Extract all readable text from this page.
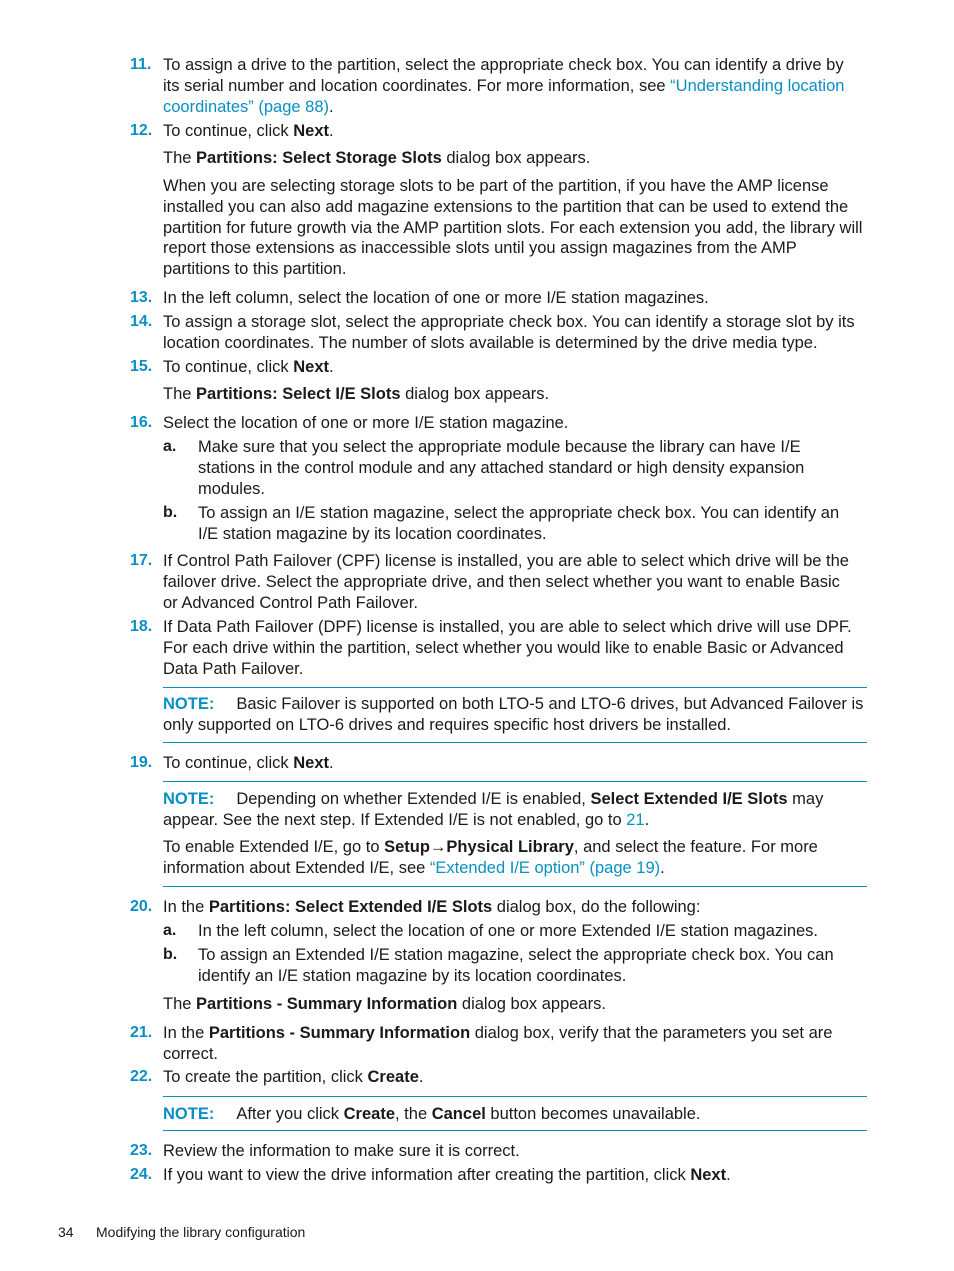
11. To assign a drive to the partition, select the appropriate check box. You can identify a drive by its serial number and location coordinates. For more information, see “Understanding location coordinates” (page 88).
12. To continue, click Next.
The Partitions: Select Storage Slots dialog box appears.
When you are selecting storage slots to be part of the partition, if you have the AMP license installed you can also add magazine extensions to the partition that can be used to extend the partition for future growth via the AMP partition slots. For each extension you add, the library will report those extensions as inaccessible slots until you assign magazines from the AMP partitions to this partition.
13. In the left column, select the location of one or more I/E station magazines.
14. To assign a storage slot, select the appropriate check box. You can identify a storage slot by its location coordinates. The number of slots available is determined by the drive media type.
15. To continue, click Next.
The Partitions: Select I/E Slots dialog box appears.
16. Select the location of one or more I/E station magazine.
a. Make sure that you select the appropriate module because the library can have I/E stations in the control module and any attached standard or high density expansion modules.
b. To assign an I/E station magazine, select the appropriate check box. You can identify an I/E station magazine by its location coordinates.
17. If Control Path Failover (CPF) license is installed, you are able to select which drive will be the failover drive. Select the appropriate drive, and then select whether you want to enable Basic or Advanced Control Path Failover.
18. If Data Path Failover (DPF) license is installed, you are able to select which drive will use DPF. For each drive within the partition, select whether you would like to enable Basic or Advanced Data Path Failover.
NOTE: Basic Failover is supported on both LTO-5 and LTO-6 drives, but Advanced Failover is only supported on LTO-6 drives and requires specific host drivers be installed.
19. To continue, click Next.
NOTE: Depending on whether Extended I/E is enabled, Select Extended I/E Slots may appear. See the next step. If Extended I/E is not enabled, go to 21.
To enable Extended I/E, go to Setup→Physical Library, and select the feature. For more information about Extended I/E, see “Extended I/E option” (page 19).
20. In the Partitions: Select Extended I/E Slots dialog box, do the following:
a. In the left column, select the location of one or more Extended I/E station magazines.
b. To assign an Extended I/E station magazine, select the appropriate check box. You can identify an I/E station magazine by its location coordinates.
The Partitions - Summary Information dialog box appears.
21. In the Partitions - Summary Information dialog box, verify that the parameters you set are correct.
22. To create the partition, click Create.
NOTE: After you click Create, the Cancel button becomes unavailable.
23. Review the information to make sure it is correct.
24. If you want to view the drive information after creating the partition, click Next.
34 Modifying the library configuration
